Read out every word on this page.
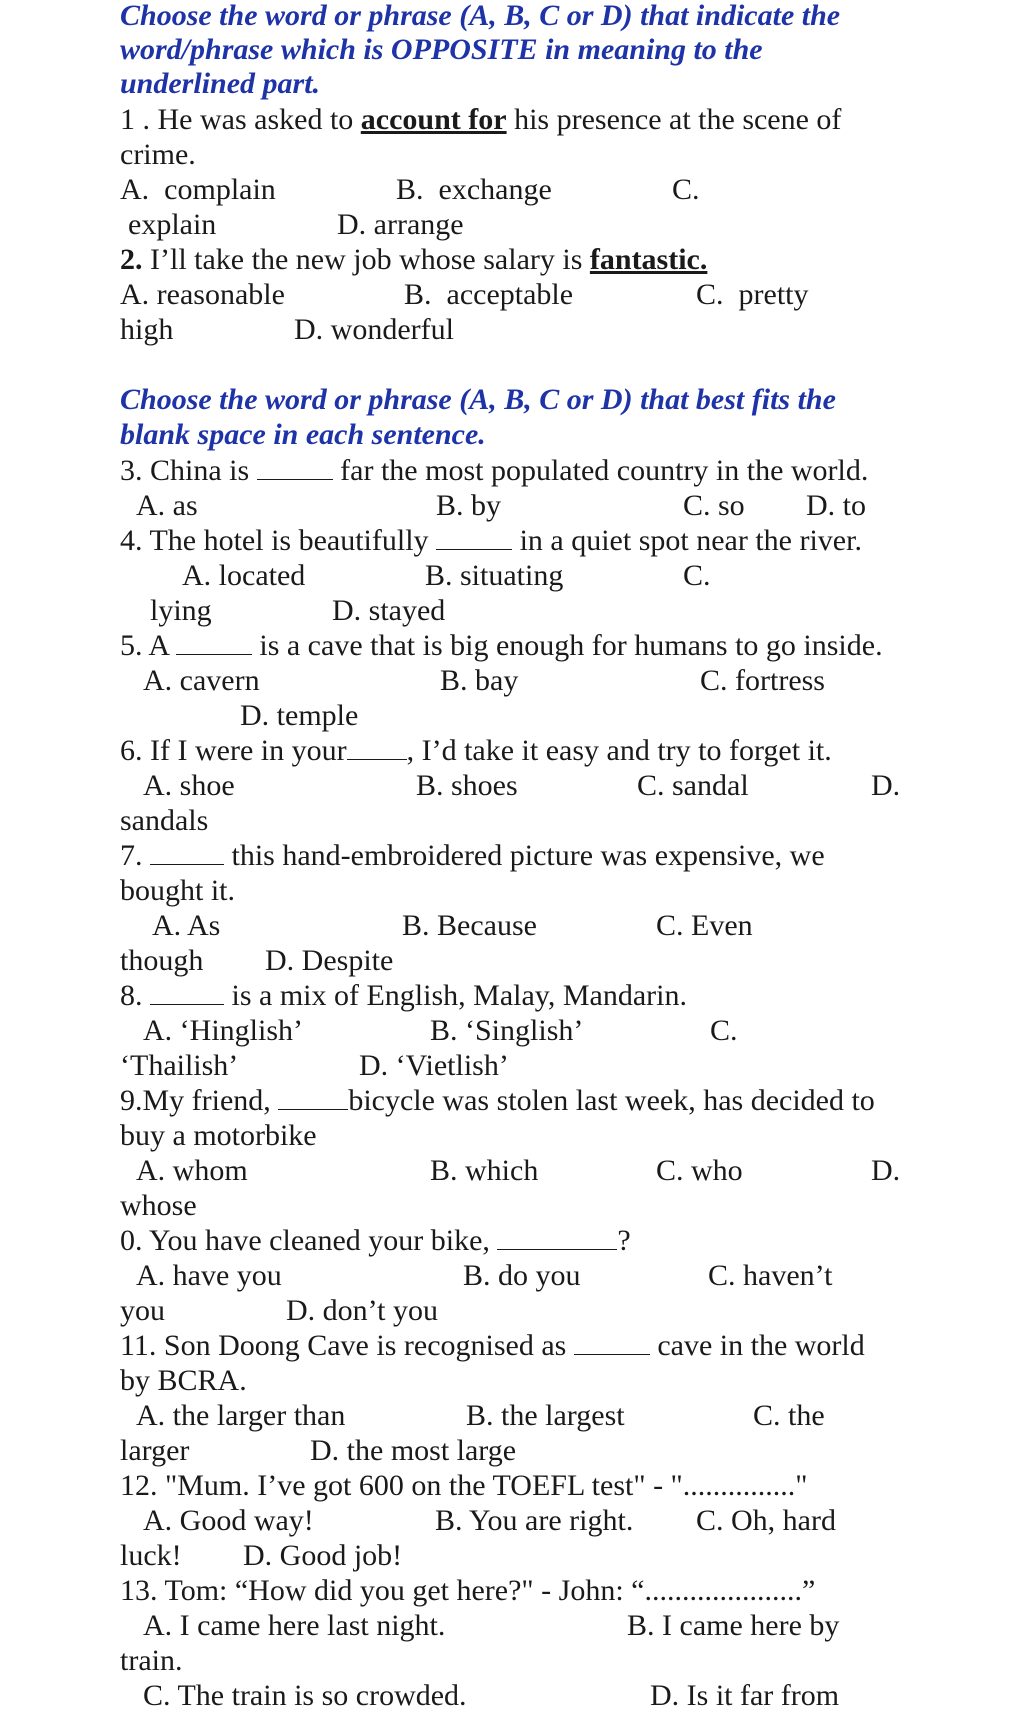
Choose the word or phrase (A, B, C or D) that indicate the
word/phrase which is OPPOSITE in meaning to the
underlined part.
1 . He was asked to account for his presence at the scene of
crime.
A.  complain	B.  exchange	C.
explain	D. arrange
2. I’ll take the new job whose salary is fantastic.
A. reasonable	B.  acceptable	C.  pretty
high	D. wonderful
Choose the word or phrase (A, B, C or D) that best fits the
blank space in each sentence.
3. China is	far the most populated country in the world.
A. as	B. by	C. so D. to
4. The hotel is beautifully	in a quiet spot near the river.
A. located	B. situating	C.
lying	D. stayed
5. A	is a cave that is big enough for humans to go inside.
A. cavern	B. bay	C. fortress
D. temple
6. If I were in your , I’d take it easy and try to forget it.
A. shoe	B. shoes	C. sandal	D.
sandals
7.	this hand-embroidered picture was expensive, we
bought it.
A. As	B. Because	C. Even
though D. Despite
8.	is a mix of English, Malay, Mandarin.
A. ‘Hinglish’	B. ‘Singlish’	C.
‘Thailish’	D. ‘Vietlish’
9.My friend,	bicycle was stolen last week, has decided to
buy a motorbike
A. whom	B. which	C. who	D.
whose
0. You have cleaned your bike,	?
A. have you	B. do you	C. haven’t
you	D. don’t you
11. Son Doong Cave is recognised as	cave in the world
by BCRA.
A. the larger than	B. the largest	C. the
larger	D. the most large
12. "Mum. I’ve got 600 on the TOEFL test" - "..............."
A. Good way!	B. You are right. C. Oh, hard
luck! D. Good job!
13. Tom: “How did you get here?" - John: “.....................”
A. I came here last night.	B. I came here by
train.
C. The train is so crowded.	D. Is it far from
